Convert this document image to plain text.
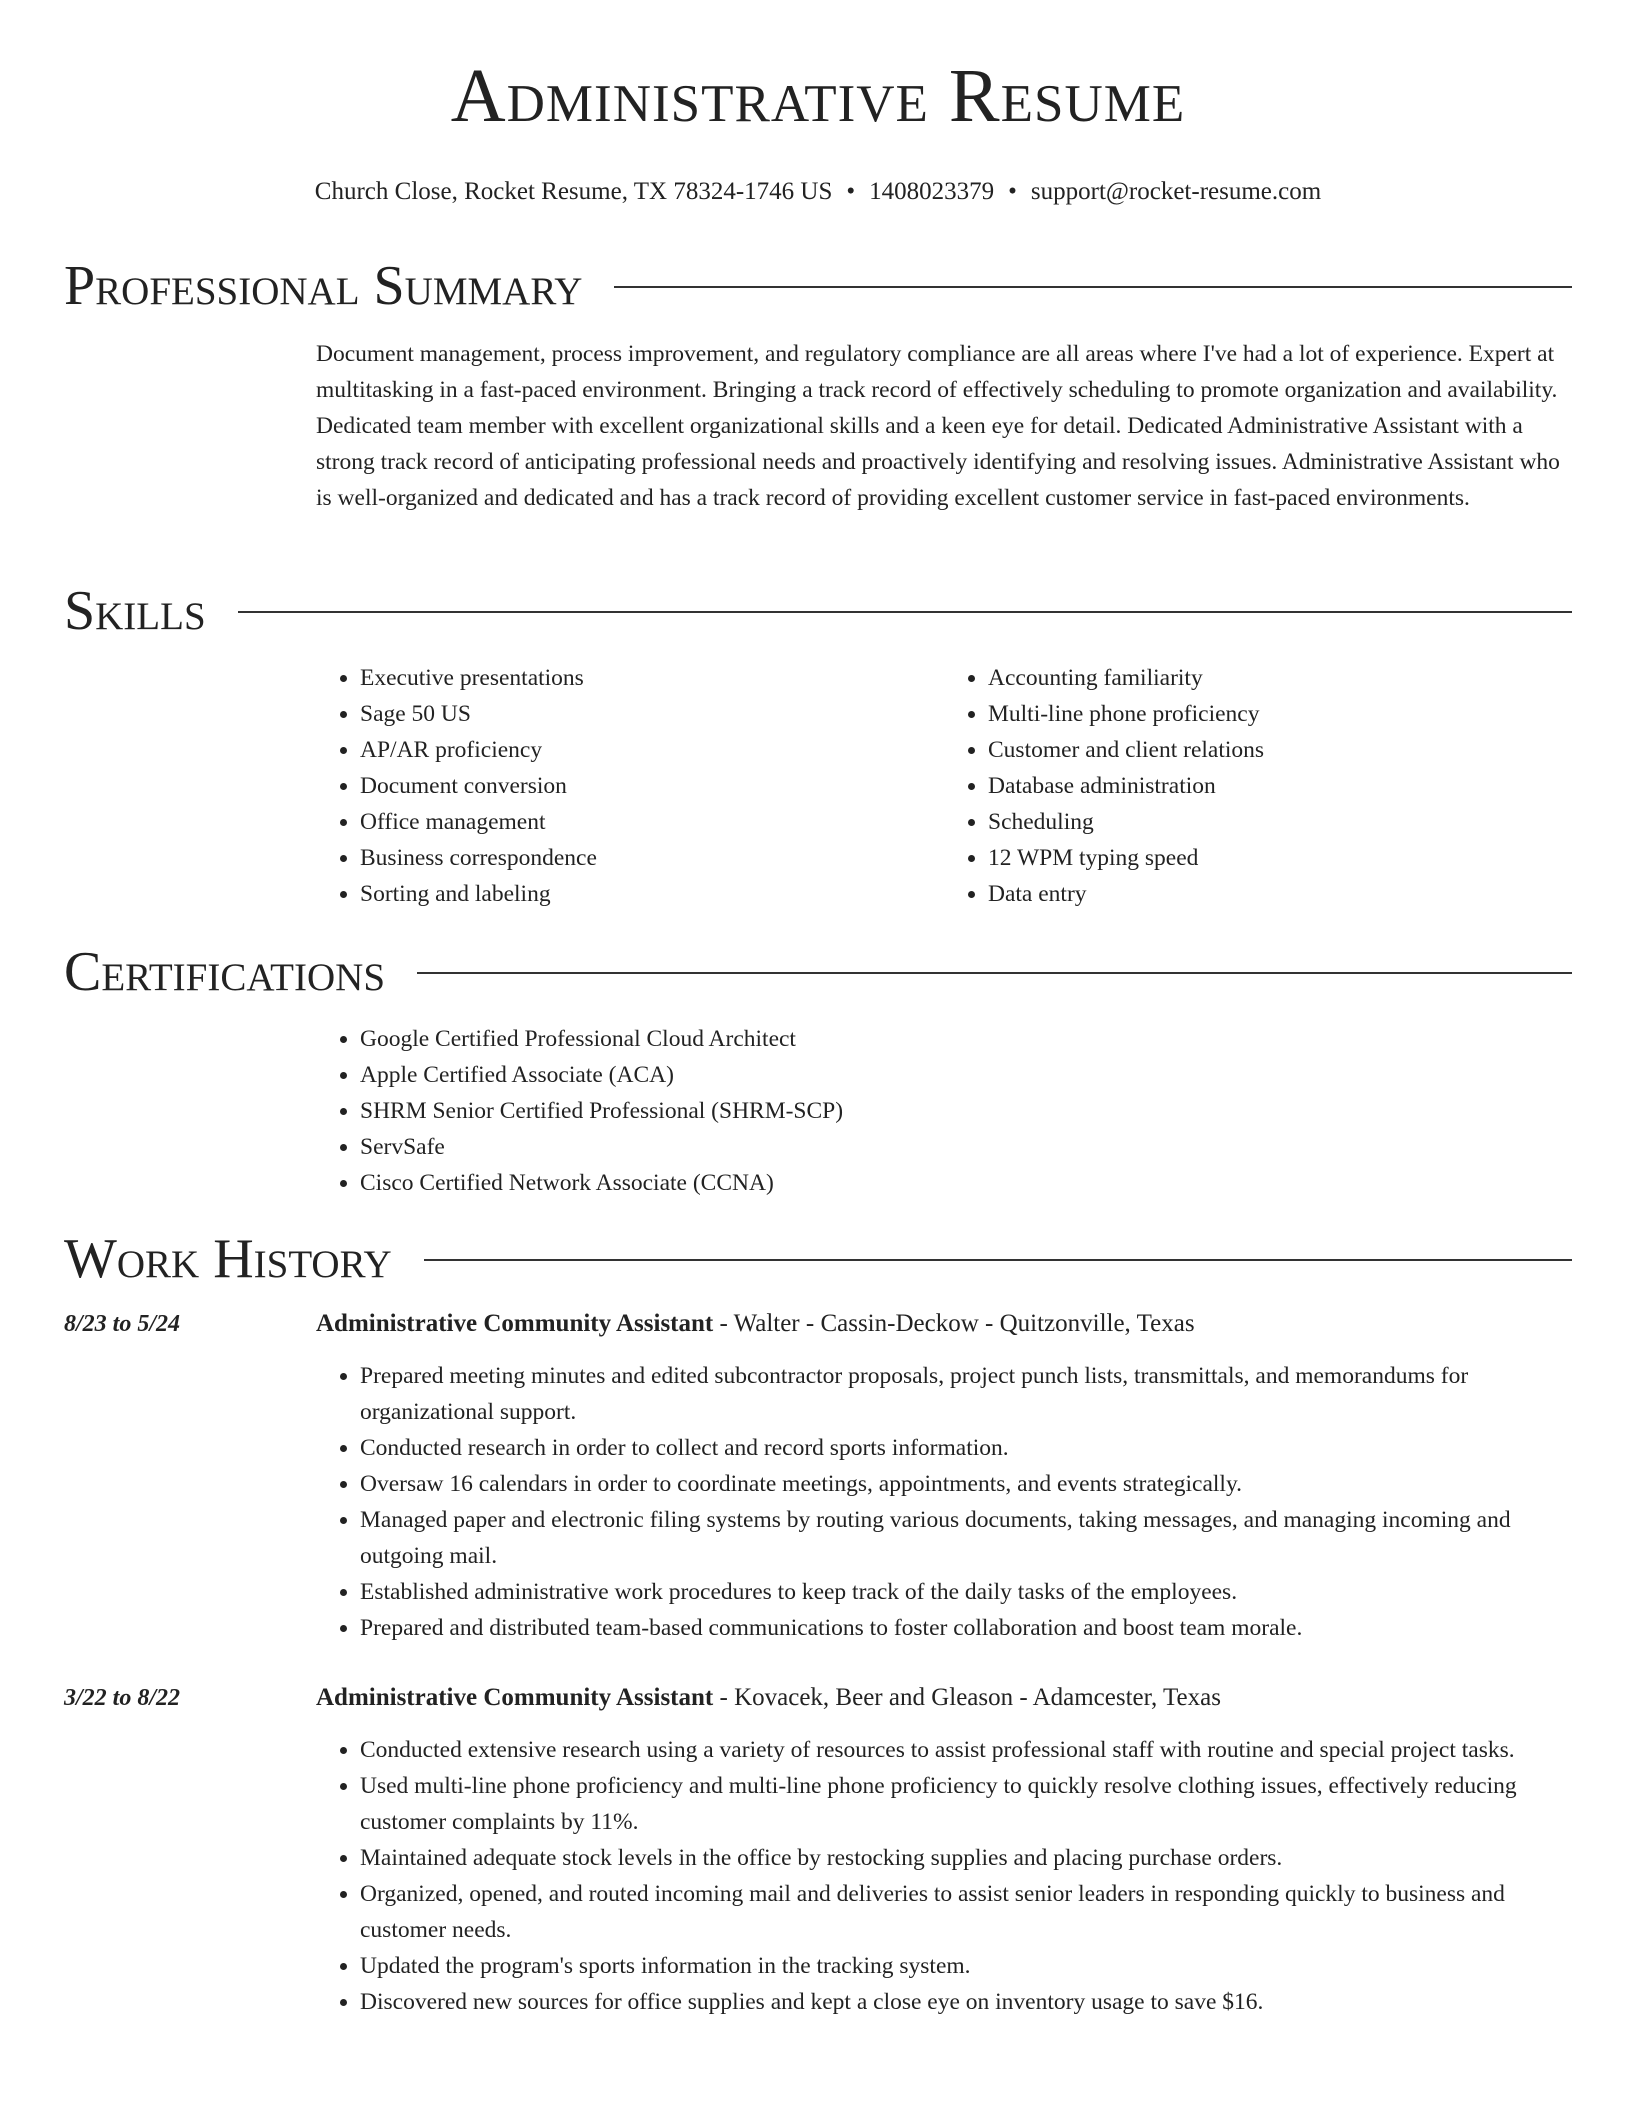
Administrative Resume
Church Close, Rocket Resume, TX 78324-1746 US • 1408023379 • support@rocket-resume.com
Professional Summary

Document management, process improvement, and regulatory compliance are all areas where I've had a lot of experience. Expert at multitasking in a fast-paced environment. Bringing a track record of effectively scheduling to promote organization and availability. Dedicated team member with excellent organizational skills and a keen eye for detail. Dedicated Administrative Assistant with a strong track record of anticipating professional needs and proactively identifying and resolving issues. Administrative Assistant who is well-organized and dedicated and has a track record of providing excellent customer service in fast-paced environments.

Skills
• Executive presentations
• Sage 50 US
• AP/AR proficiency
• Document conversion
• Office management
• Business correspondence
• Sorting and labeling
• Accounting familiarity
• Multi-line phone proficiency
• Customer and client relations
• Database administration
• Scheduling
• 12 WPM typing speed
• Data entry
Certifications
• Google Certified Professional Cloud Architect
• Apple Certified Associate (ACA)
• SHRM Senior Certified Professional (SHRM-SCP)
• ServSafe
• Cisco Certified Network Associate (CCNA)
Work History
8/23 to 5/24	Administrative Community Assistant - Walter - Cassin-Deckow - Quitzonville, Texas
• Prepared meeting minutes and edited subcontractor proposals, project punch lists, transmittals, and memorandums for organizational support.
• Conducted research in order to collect and record sports information.
• Oversaw 16 calendars in order to coordinate meetings, appointments, and events strategically.
• Managed paper and electronic filing systems by routing various documents, taking messages, and managing incoming and outgoing mail.
• Established administrative work procedures to keep track of the daily tasks of the employees.
• Prepared and distributed team-based communications to foster collaboration and boost team morale.
3/22 to 8/22	Administrative Community Assistant - Kovacek, Beer and Gleason - Adamcester, Texas
• Conducted extensive research using a variety of resources to assist professional staff with routine and special project tasks.
• Used multi-line phone proficiency and multi-line phone proficiency to quickly resolve clothing issues, effectively reducing customer complaints by 11%.
• Maintained adequate stock levels in the office by restocking supplies and placing purchase orders.
• Organized, opened, and routed incoming mail and deliveries to assist senior leaders in responding quickly to business and customer needs.
• Updated the program's sports information in the tracking system.
• Discovered new sources for office supplies and kept a close eye on inventory usage to save $16.
